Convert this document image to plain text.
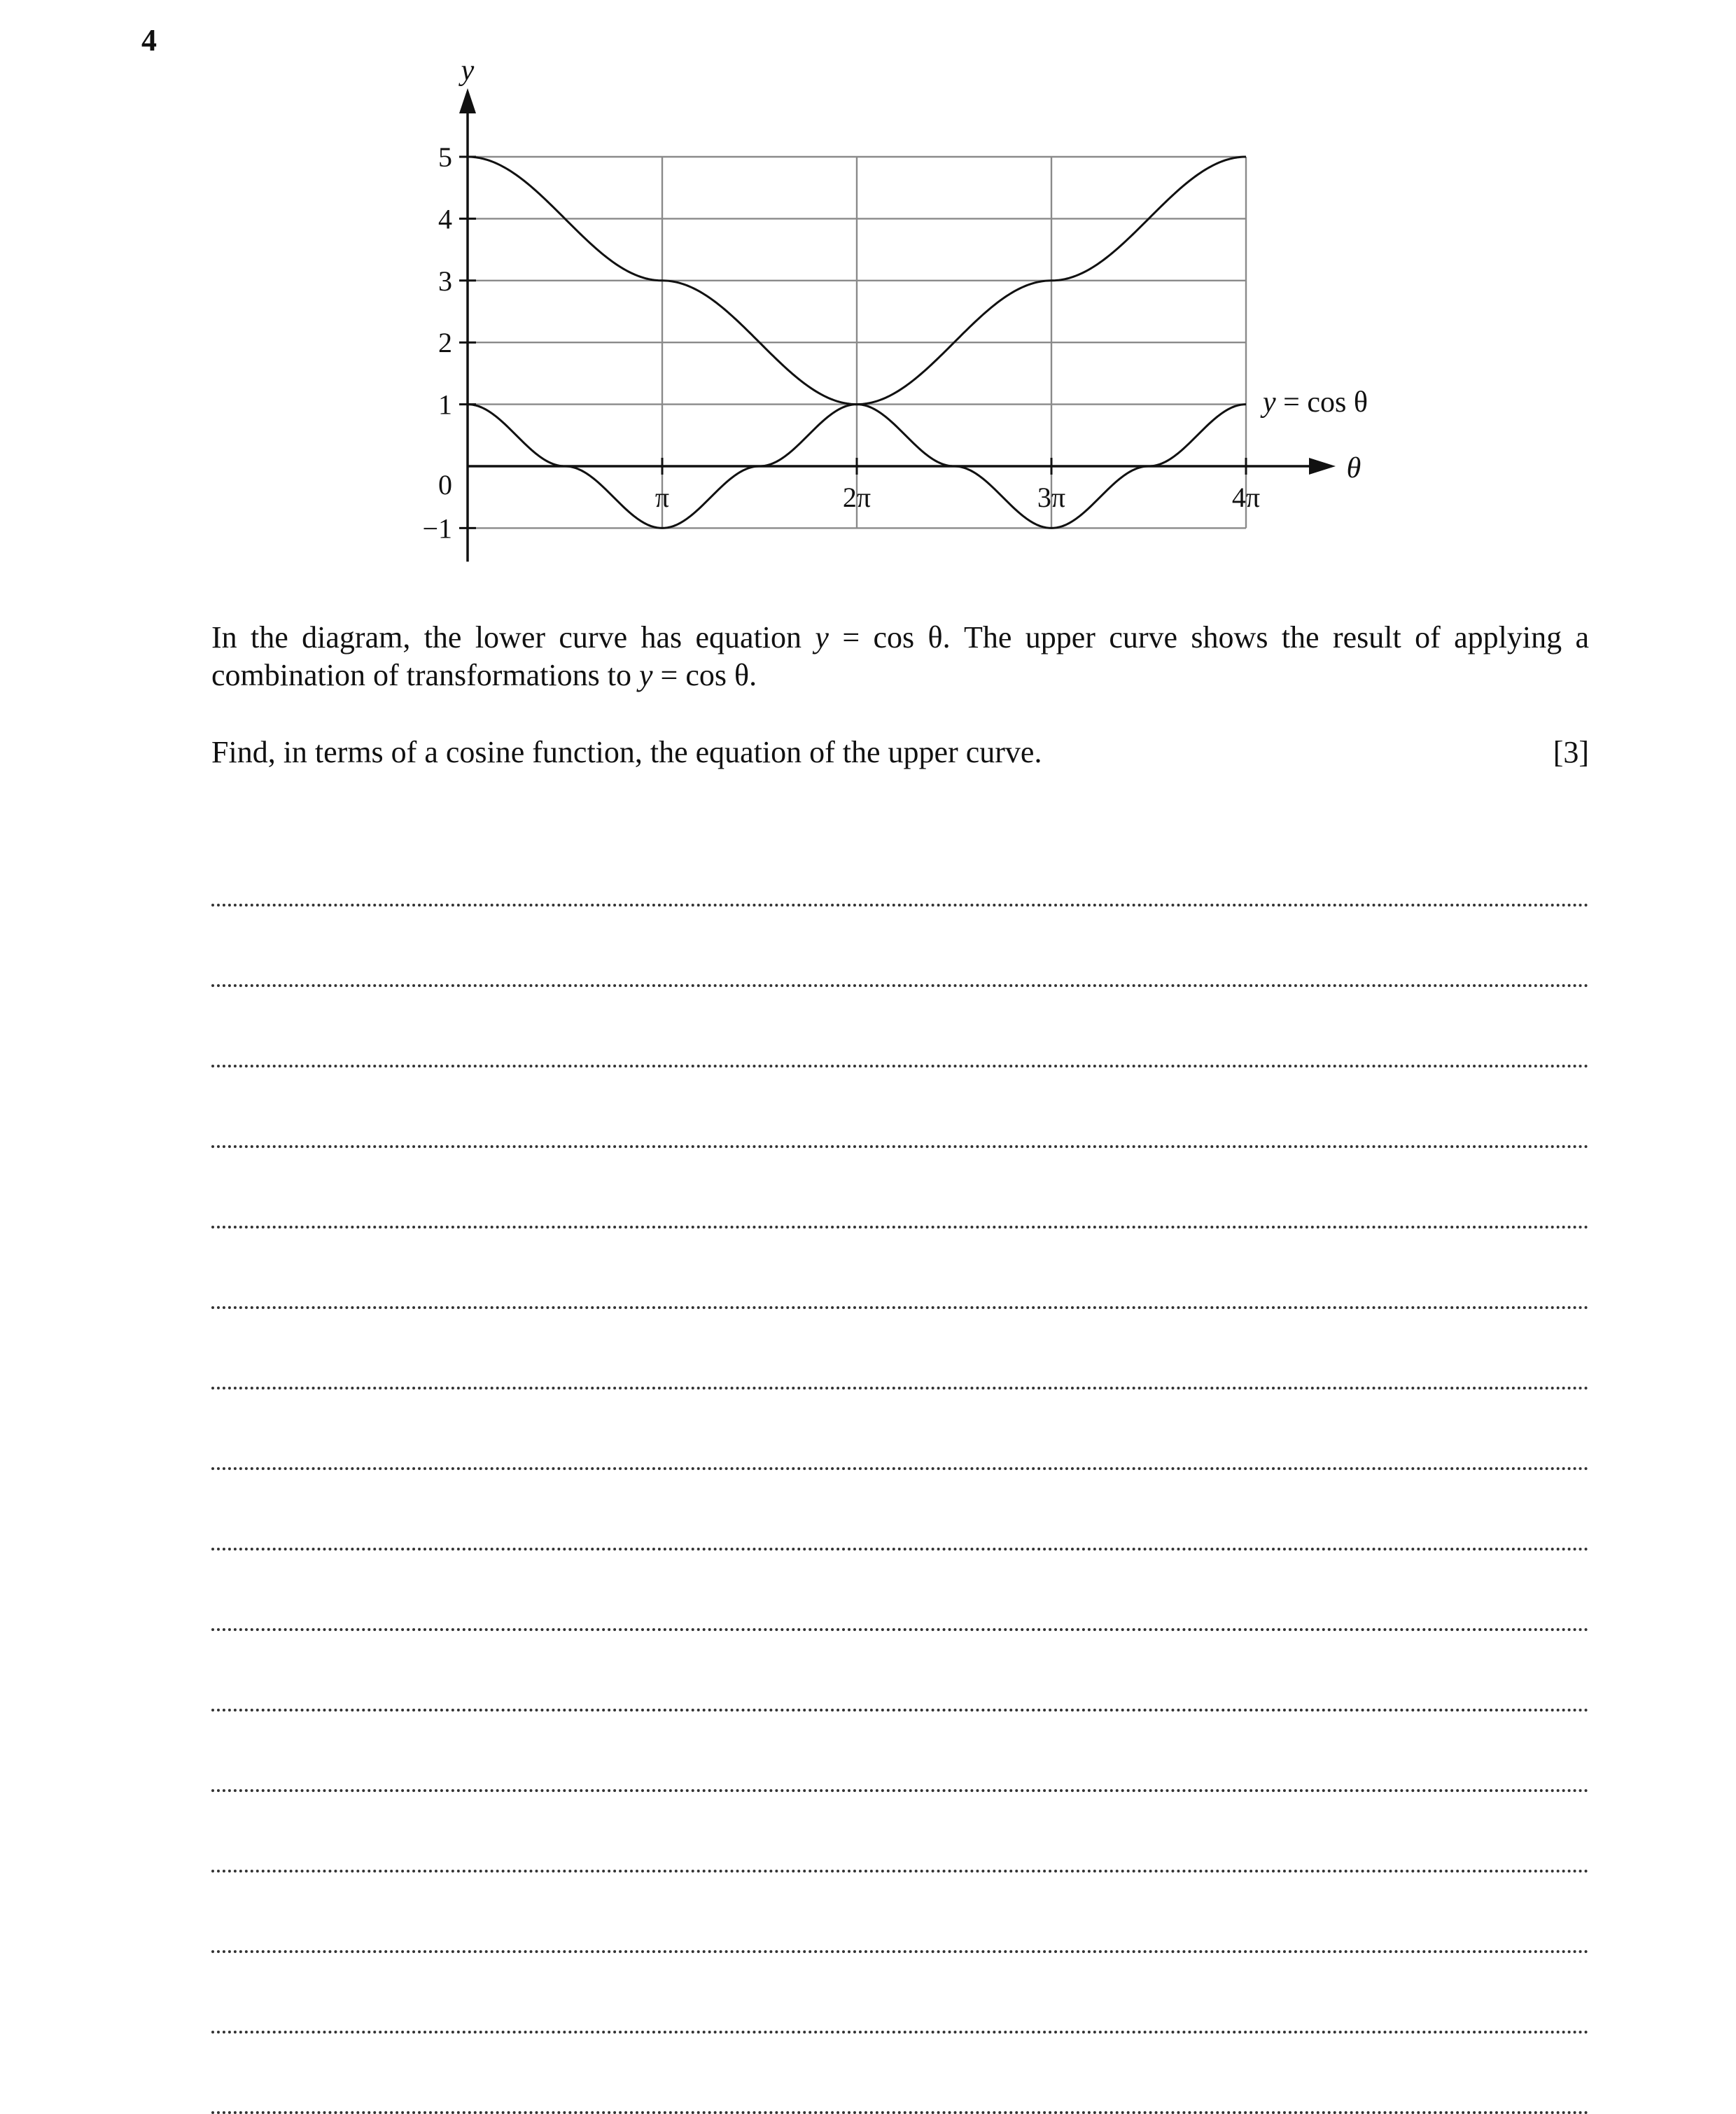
4
5
4
3
2
1
0
−1
π	2π	3π	4π
y
θ
y = cos θ
In the diagram, the lower curve has equation y = cos θ. The upper curve shows the result of applying a combination of transformations to y = cos θ.
Find, in terms of a cosine function, the equation of the upper curve.	[3]
